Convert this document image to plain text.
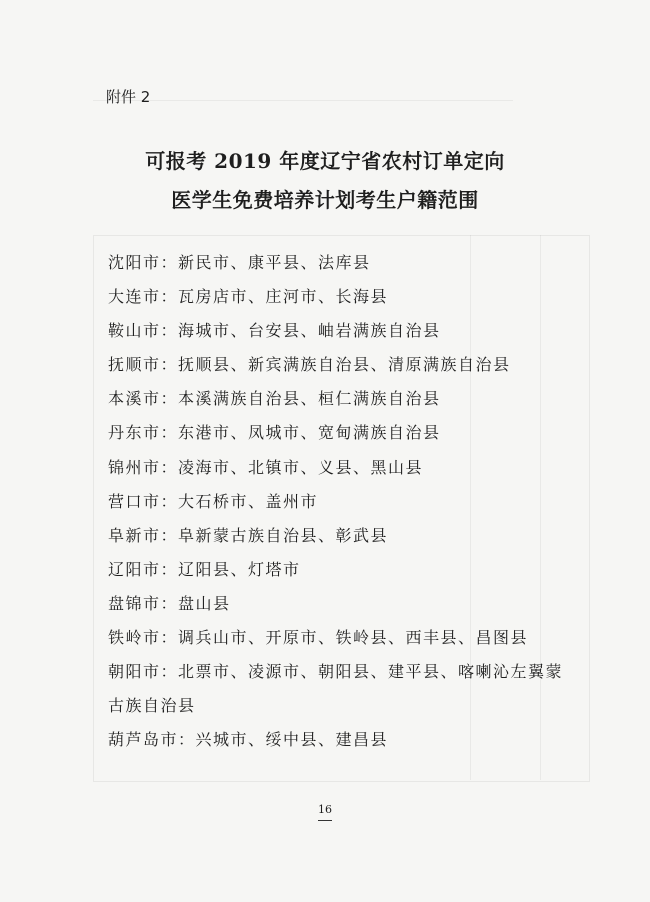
附件 2
可报考 2019 年度辽宁省农村订单定向
医学生免费培养计划考生户籍范围
沈阳市：新民市、康平县、法库县
大连市：瓦房店市、庄河市、长海县
鞍山市：海城市、台安县、岫岩满族自治县
抚顺市：抚顺县、新宾满族自治县、清原满族自治县
本溪市：本溪满族自治县、桓仁满族自治县
丹东市：东港市、凤城市、宽甸满族自治县
锦州市：凌海市、北镇市、义县、黑山县
营口市：大石桥市、盖州市
阜新市：阜新蒙古族自治县、彰武县
辽阳市：辽阳县、灯塔市
盘锦市：盘山县
铁岭市：调兵山市、开原市、铁岭县、西丰县、昌图县
朝阳市：北票市、凌源市、朝阳县、建平县、喀喇沁左翼蒙
古族自治县
葫芦岛市：兴城市、绥中县、建昌县
16
